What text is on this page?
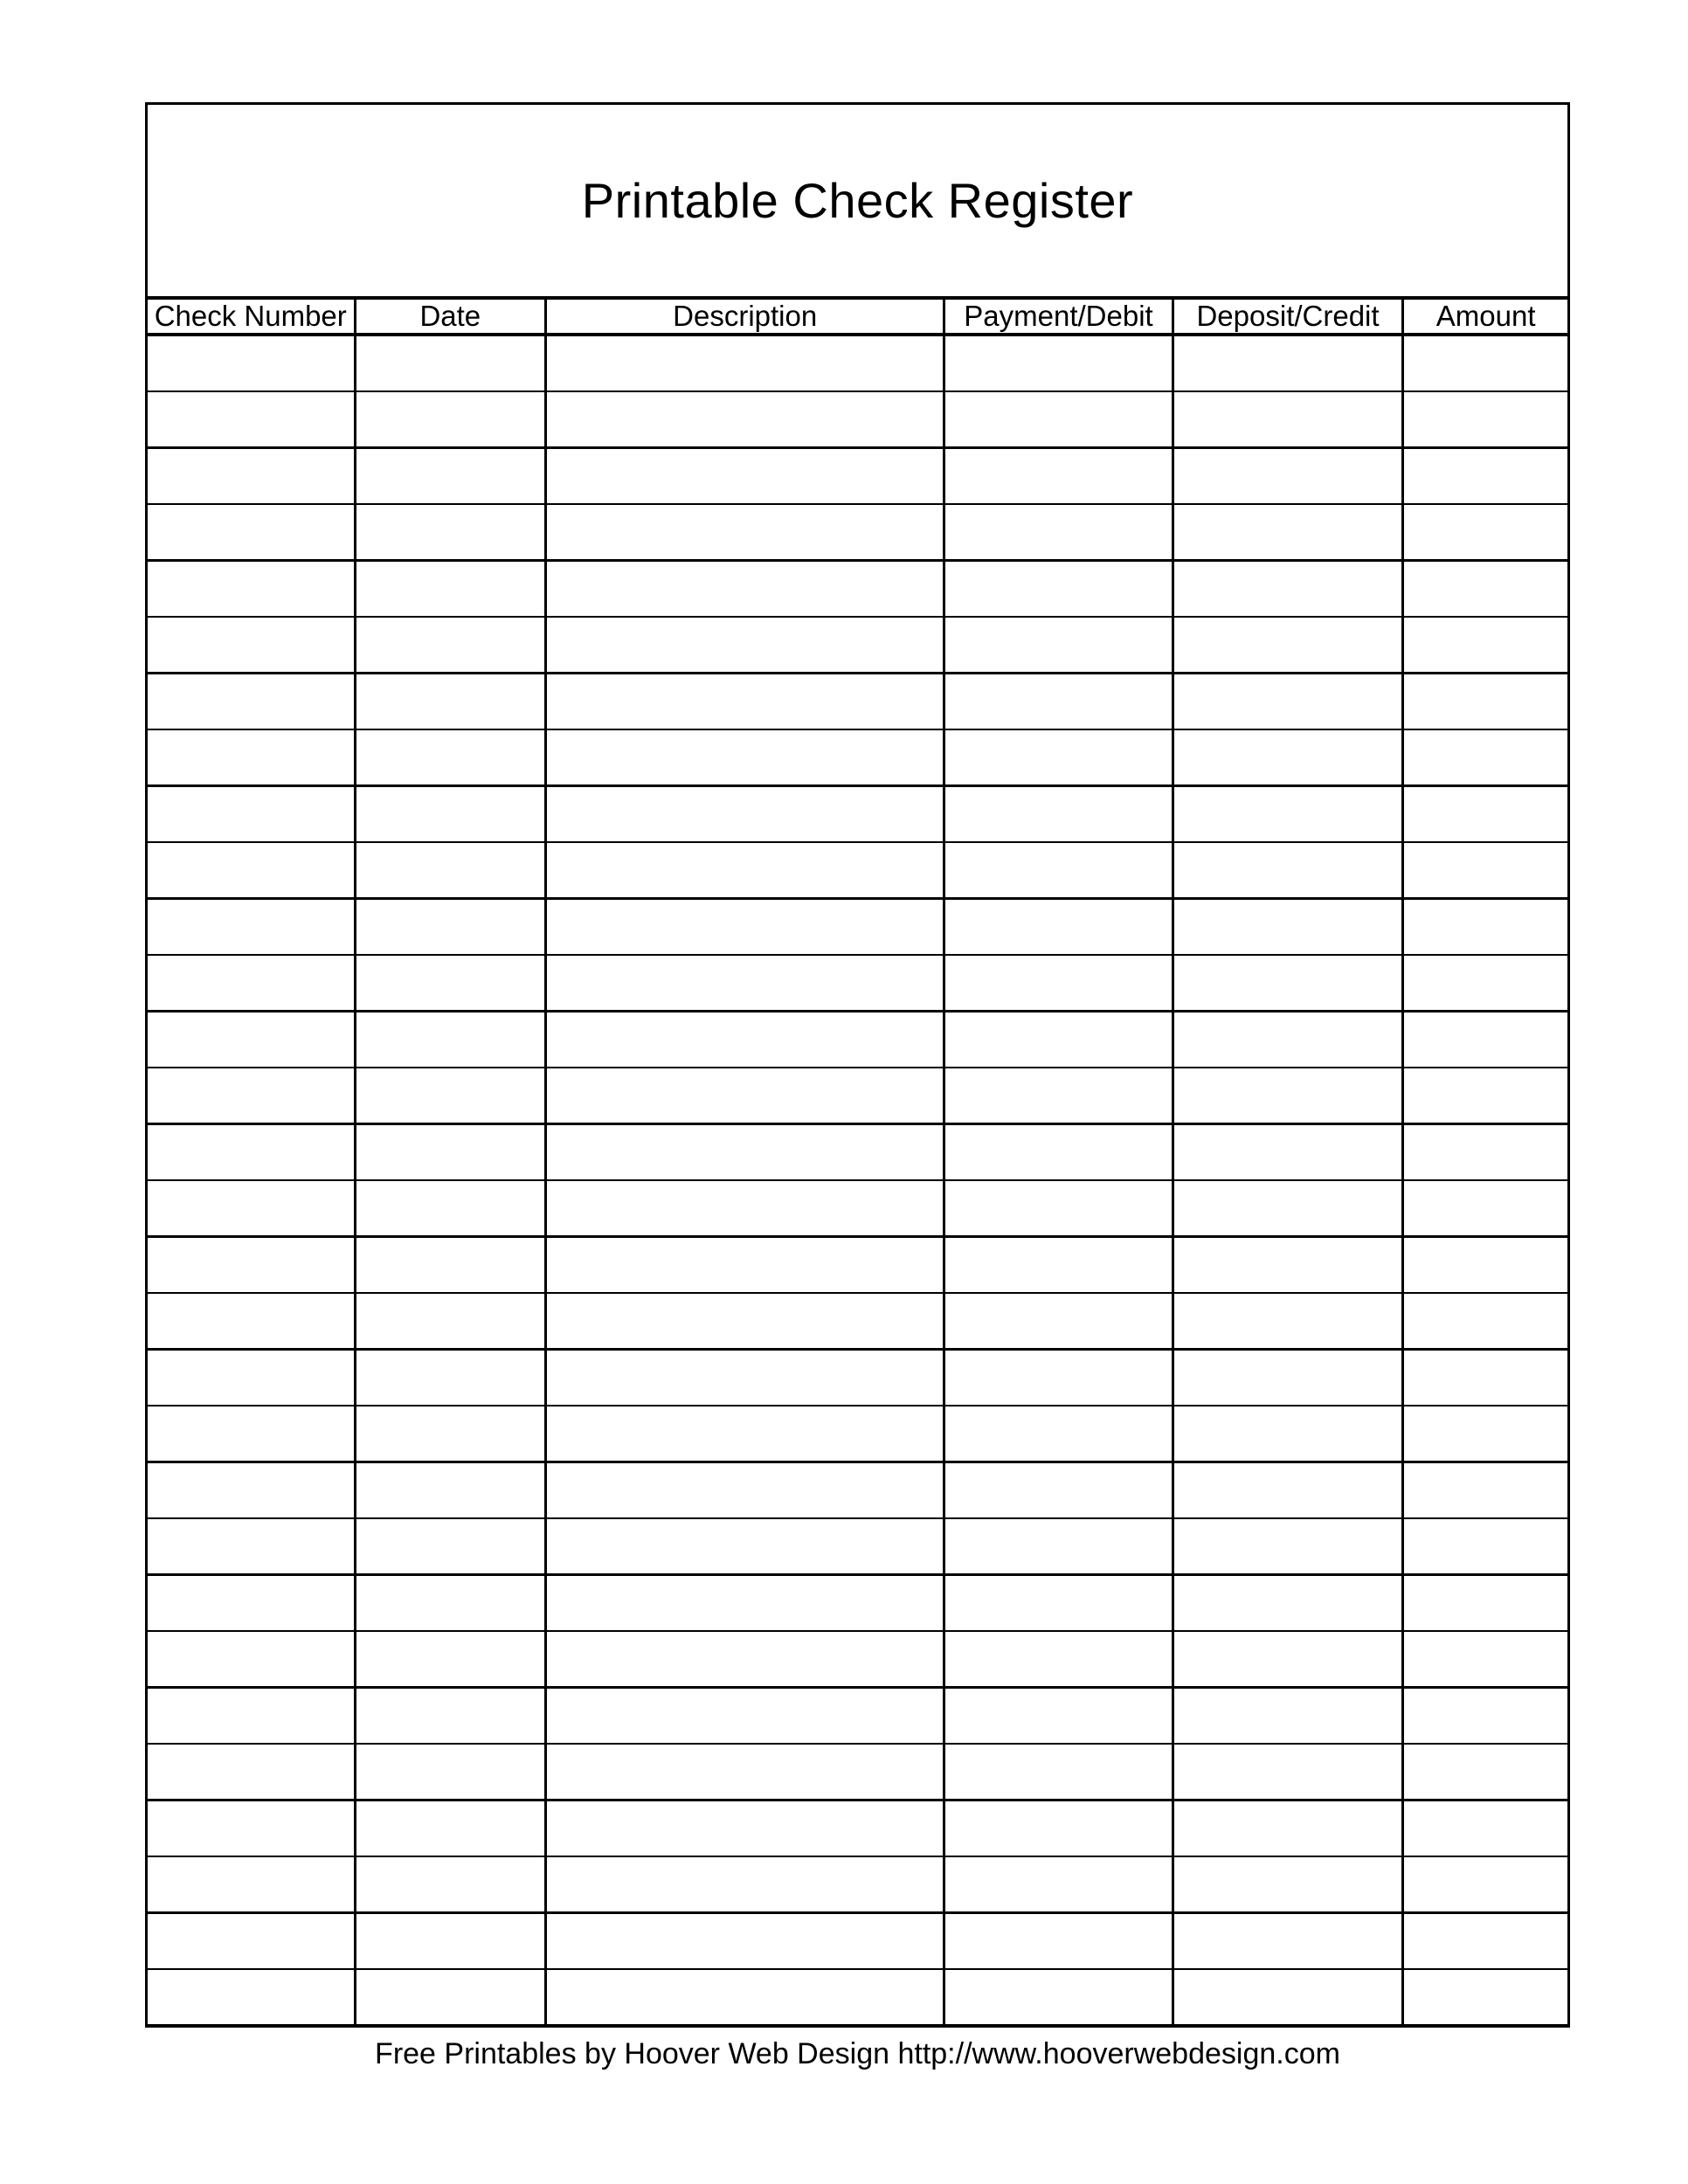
Printable Check Register
Check Number	Date	Description	Payment/Debit	Deposit/Credit	Amount

Free Printables by Hoover Web Design http://www.hooverwebdesign.com
